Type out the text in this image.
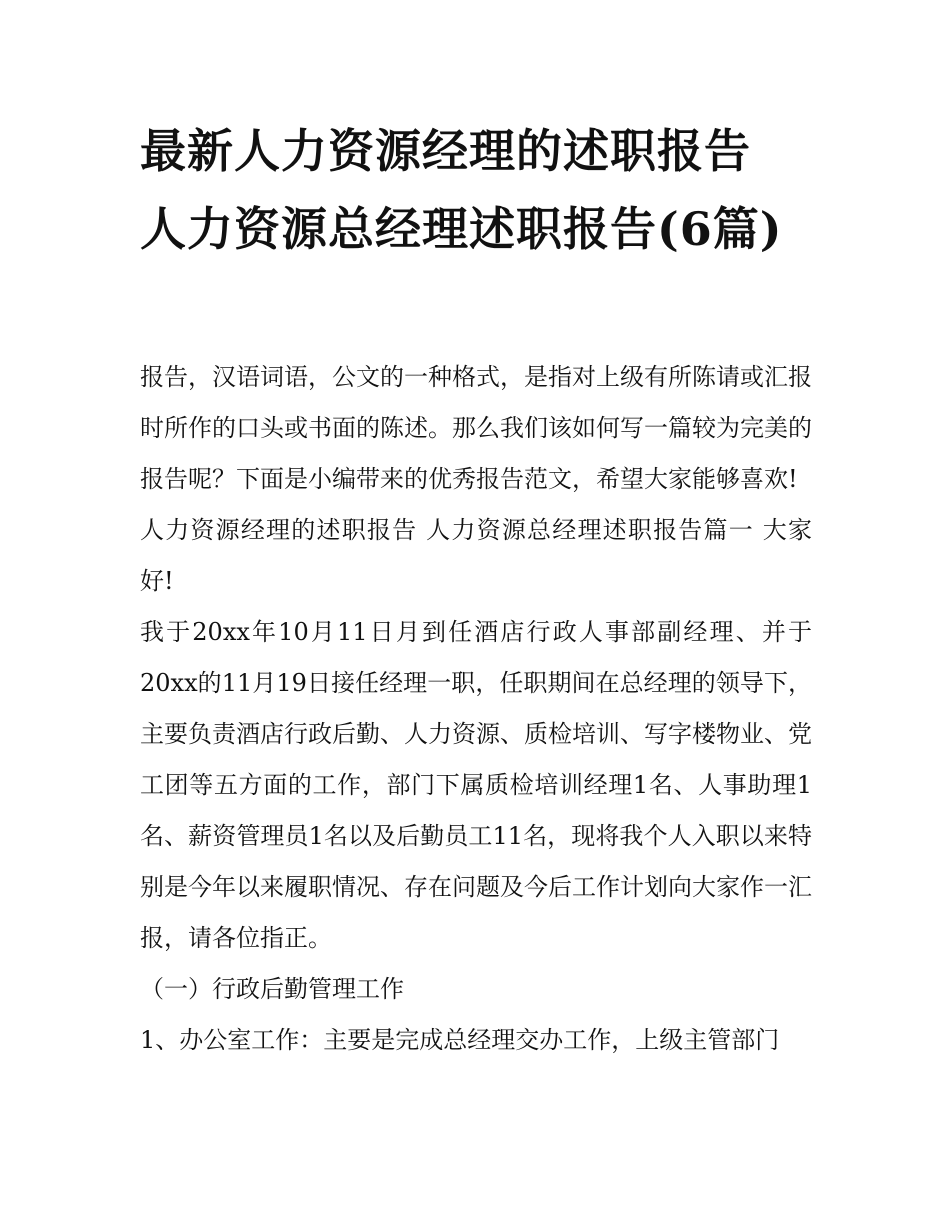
最新人力资源经理的述职报告 人力资源总经理述职报告(6篇)

报告，汉语词语，公文的一种格式，是指对上级有所陈请或汇报时所作的口头或书面的陈述。那么我们该如何写一篇较为完美的报告呢？下面是小编带来的优秀报告范文，希望大家能够喜欢!

人力资源经理的述职报告 人力资源总经理述职报告篇一 大家好!

我于20xx年10月11日月到任酒店行政人事部副经理、并于20xx的11月19日接任经理一职，任职期间在总经理的领导下，主要负责酒店行政后勤、人力资源、质检培训、写字楼物业、党工团等五方面的工作，部门下属质检培训经理1名、人事助理1名、薪资管理员1名以及后勤员工11名，现将我个人入职以来特别是今年以来履职情况、存在问题及今后工作计划向大家作一汇报，请各位指正。

（一）行政后勤管理工作

1、办公室工作：主要是完成总经理交办工作，上级主管部门
